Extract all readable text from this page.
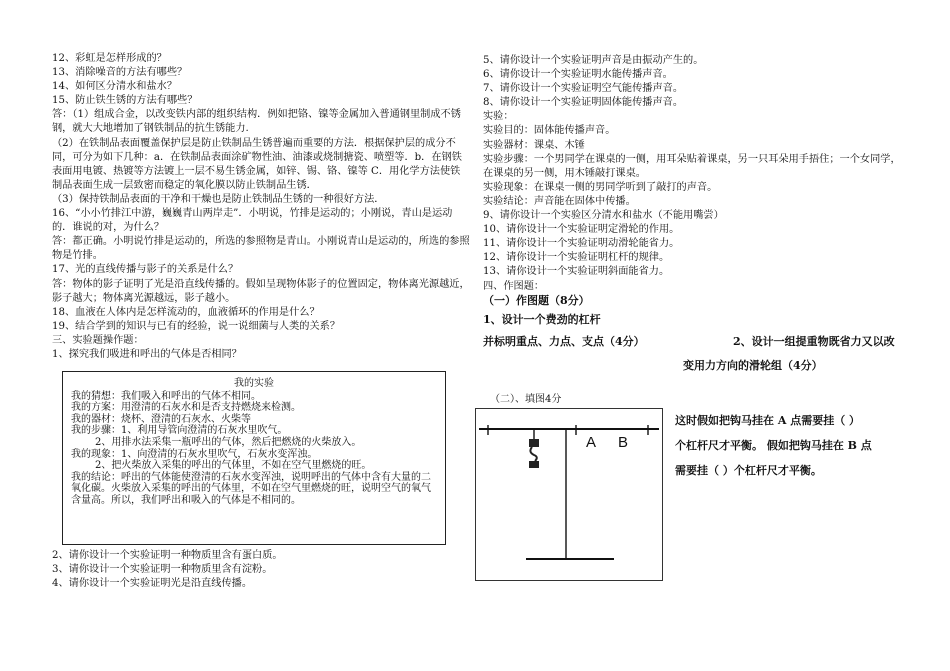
12、彩虹是怎样形成的？
13、消除噪音的方法有哪些？
14、如何区分清水和盐水？
15、防止铁生锈的方法有哪些？
答：（1）组成合金，以改变铁内部的组织结构．例如把铬、镍等金属加入普通钢里制成不锈钢，就大大地增加了钢铁制品的抗生锈能力.
（2）在铁制品表面覆盖保护层是防止铁制品生锈普遍而重要的方法．根据保护层的成分不同，可分为如下几种：a．在铁制品表面涂矿物性油、油漆或烧制搪瓷、喷塑等．b．在钢铁表面用电镀、热镀等方法镀上一层不易生锈金属，如锌、锡、铬、镍等 C．用化学方法使铁制品表面生成一层致密而稳定的氧化膜以防止铁制品生锈．
（3）保持铁制品表面的干净和干燥也是防止铁制品生锈的一种很好方法．
16、“小小竹排江中游，巍巍青山两岸走”．小明说，竹排是运动的；小刚说，青山是运动的．谁说的对，为什么？
答：都正确。小明说竹排是运动的，所选的参照物是青山。小刚说青山是运动的，所选的参照物是竹排。
17、光的直线传播与影子的关系是什么？
答：物体的影子证明了光是沿直线传播的。假如呈现物体影子的位置固定，物体离光源越近，影子越大；物体离光源越远，影子越小。
18、血液在人体内是怎样流动的，血液循环的作用是什么？
19、结合学到的知识与已有的经验，说一说细菌与人类的关系？
三、实验题操作题：
1、探究我们吸进和呼出的气体是否相同？
我的实验
我的猜想：我们吸入和呼出的气体不相同。
我的方案：用澄清的石灰水和是否支持燃烧来检测。
我的器材：烧杯、澄清的石灰水、火柴等
我的步骤：1、利用导管向澄清的石灰水里吹气。
2、用排水法采集一瓶呼出的气体，然后把燃烧的火柴放入。
我的现象：1、向澄清的石灰水里吹气，石灰水变浑浊。
2、把火柴放入采集的呼出的气体里，不如在空气里燃烧的旺。
我的结论：呼出的气体能使澄清的石灰水变浑浊，说明呼出的气体中含有大量的二氧化碳。火柴放入采集的呼出的气体里，不如在空气里燃烧的旺，说明空气的氧气含量高。所以，我们呼出和吸入的气体是不相同的。
2、请你设计一个实验证明一种物质里含有蛋白质。
3、请你设计一个实验证明一种物质里含有淀粉。
4、请你设计一个实验证明光是沿直线传播。
5、请你设计一个实验证明声音是由振动产生的。
6、请你设计一个实验证明水能传播声音。
7、请你设计一个实验证明空气能传播声音。
8、请你设计一个实验证明固体能传播声音。
实验：
实验目的：固体能传播声音。
实验器材：课桌、木锤
实验步骤：一个男同学在课桌的一侧，用耳朵贴着课桌，另一只耳朵用手捂住；一个女同学，在课桌的另一侧，用木锤敲打课桌。
实验现象：在课桌一侧的男同学听到了敲打的声音。
实验结论：声音能在固体中传播。
9、请你设计一个实验区分清水和盐水（不能用嘴尝）
10、请你设计一个实验证明定滑轮的作用。
11、请你设计一个实验证明动滑轮能省力。
12、请你设计一个实验证明杠杆的规律。
13、请你设计一个实验证明斜面能省力。
四、作图题：
（一）作图题（8分）
1、设计一个费劲的杠杆
并标明重点、力点、支点（4分）	2、设计一组提重物既省力又以改
变用力方向的滑轮组（4分）
（二）、填图4分
A B
这时假如把钩马挂在 A 点需要挂（ ）
个杠杆尺才平衡。 假如把钩马挂在 B 点
需要挂（ ）个杠杆尺才平衡。
